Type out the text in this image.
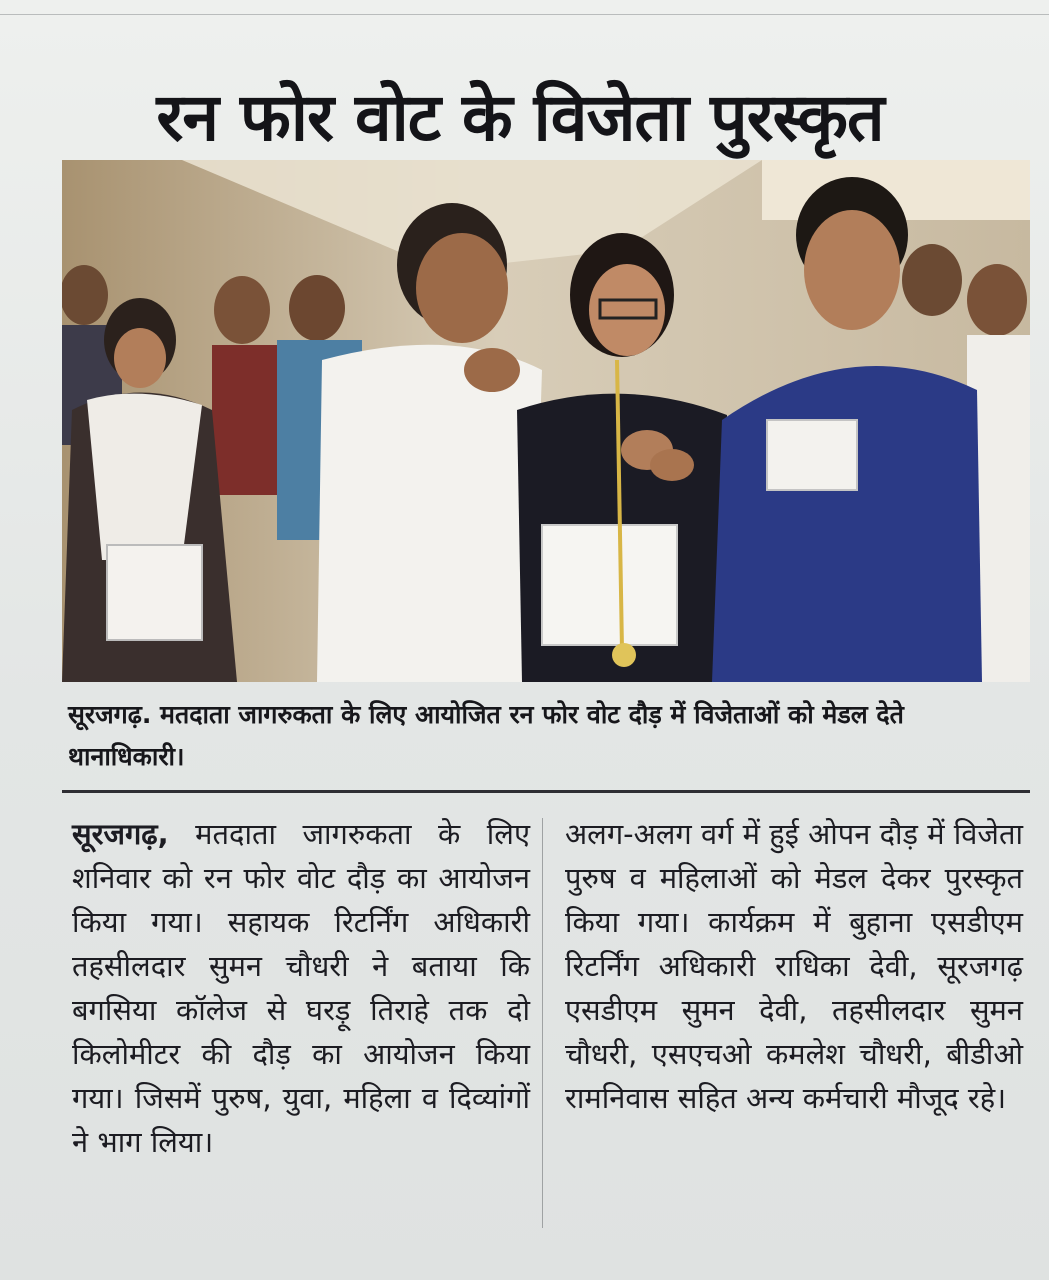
रन फोर वोट के विजेता पुरस्कृत
सूरजगढ़. मतदाता जागरुकता के लिए आयोजित रन फोर वोट दौड़ में विजेताओं को मेडल देते थानाधिकारी।
सूरजगढ़, मतदाता जागरुकता के लिए शनिवार को रन फोर वोट दौड़ का आयोजन किया गया। सहायक रिटर्निंग अधिकारी तहसीलदार सुमन चौधरी ने बताया कि बगसिया कॉलेज से घरड़ू तिराहे तक दो किलोमीटर की दौड़ का आयोजन किया गया। जिसमें पुरुष, युवा, महिला व दिव्यांगों ने भाग लिया।
अलग-अलग वर्ग में हुई ओपन दौड़ में विजेता पुरुष व महिलाओं को मेडल देकर पुरस्कृत किया गया। कार्यक्रम में बुहाना एसडीएम रिटर्निंग अधिकारी राधिका देवी, सूरजगढ़ एसडीएम सुमन देवी, तहसीलदार सुमन चौधरी, एसएचओ कमलेश चौधरी, बीडीओ रामनिवास सहित अन्य कर्मचारी मौजूद रहे।
